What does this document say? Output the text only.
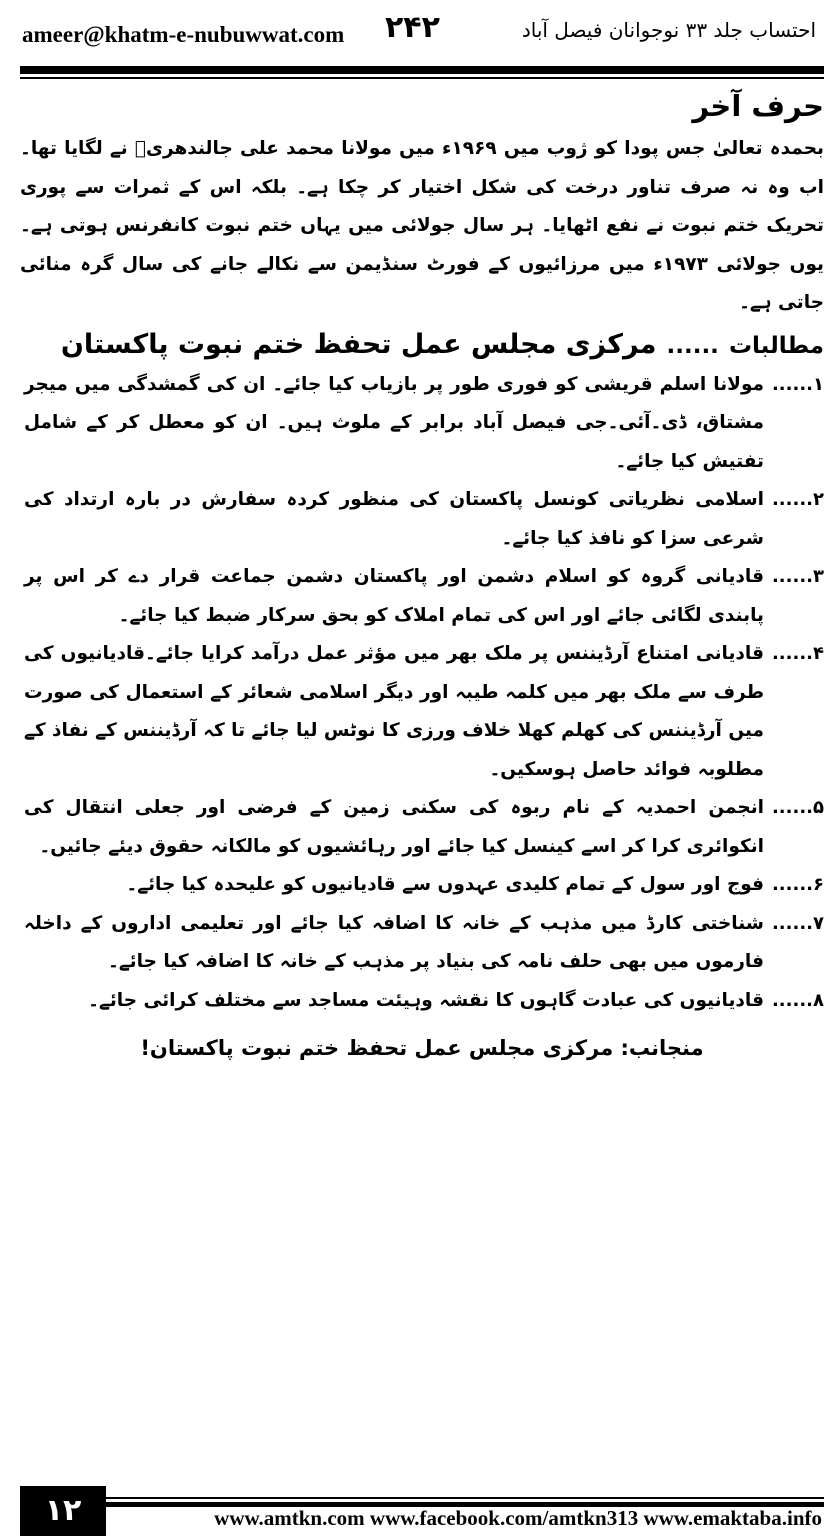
ameer@khatm-e-nubuwwat.com ۲۴۲	احتساب جلد ۳۳ نوجوانان فیصل آباد
حرف آخر

بحمدہ تعالیٰ جس پودا کو ژوب میں ۱۹۶۹ء میں مولانا محمد علی جالندھریؒ نے لگایا تھا۔اب وہ نہ صرف تناور درخت کی شکل اختیار کر چکا ہے۔ بلکہ اس کے ثمرات سے پوری تحریک ختم نبوت نے نفع اٹھایا۔ ہر سال جولائی میں یہاں ختم نبوت کانفرنس ہوتی ہے۔ یوں جولائی ۱۹۷۳ء میں مرزائیوں کے فورٹ سنڈیمن سے نکالے جانے کی سال گرہ منائی جاتی ہے۔

مطالبات......مرکزی مجلس عمل تحفظ ختم نبوت پاکستان
۱......
مولانا اسلم قریشی کو فوری طور پر بازیاب کیا جائے۔ ان کی گمشدگی میں میجر مشتاق، ڈی۔آئی۔جی فیصل آباد برابر کے ملوث ہیں۔ ان کو معطل کر کے شامل تفتیش کیا جائے۔
۲......
اسلامی نظریاتی کونسل پاکستان کی منظور کردہ سفارش در بارہ ارتداد کی شرعی سزا کو نافذ کیا جائے۔
۳......
قادیانی گروہ کو اسلام دشمن اور پاکستان دشمن جماعت قرار دے کر اس پر پابندی لگائی جائے اور اس کی تمام املاک کو بحق سرکار ضبط کیا جائے۔
۴......
قادیانی امتناع آرڈیننس پر ملک بھر میں مؤثر عمل درآمد کرایا جائے۔قادیانیوں کی طرف سے ملک بھر میں کلمہ طیبہ اور دیگر اسلامی شعائر کے استعمال کی صورت میں آرڈیننس کی کھلم کھلا خلاف ورزی کا نوٹس لیا جائے تا کہ آرڈیننس کے نفاذ کے مطلوبہ فوائد حاصل ہوسکیں۔
۵......
انجمن احمدیہ کے نام ربوہ کی سکنی زمین کے فرضی اور جعلی انتقال کی انکوائری کرا کر اسے کینسل کیا جائے اور رہائشیوں کو مالکانہ حقوق دیئے جائیں۔
۶......
فوج اور سول کے تمام کلیدی عہدوں سے قادیانیوں کو علیحدہ کیا جائے۔
۷......
شناختی کارڈ میں مذہب کے خانہ کا اضافہ کیا جائے اور تعلیمی اداروں کے داخلہ فارموں میں بھی حلف نامہ کی بنیاد پر مذہب کے خانہ کا اضافہ کیا جائے۔
۸......
قادیانیوں کی عبادت گاہوں کا نقشہ وہیئت مساجد سے مختلف کرائی جائے۔
منجانب: مرکزی مجلس عمل تحفظ ختم نبوت پاکستان!
۱۲	www.amtkn.com www.facebook.com/amtkn313 www.emaktaba.info
